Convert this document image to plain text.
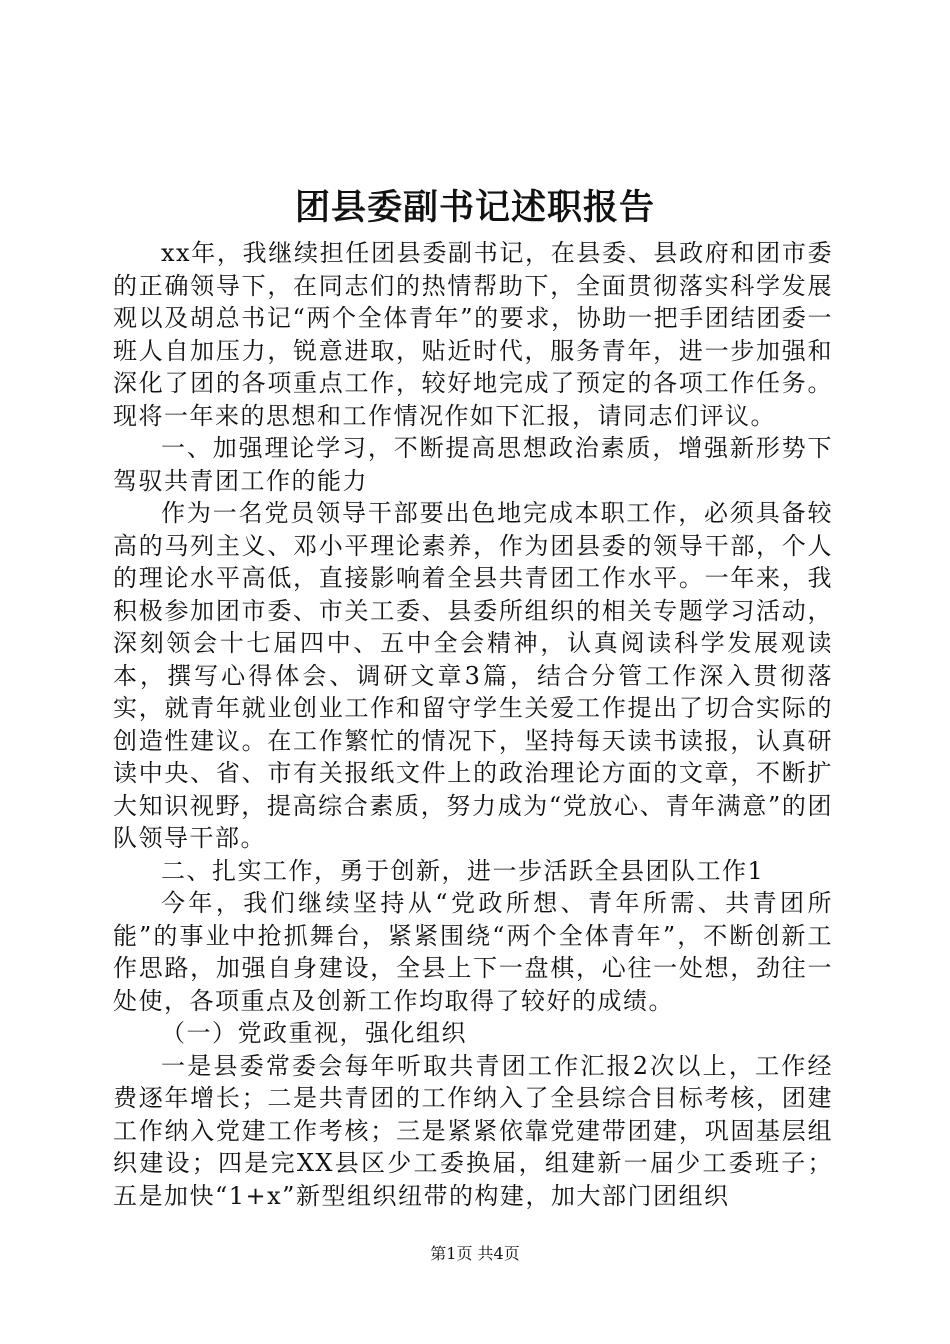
团县委副书记述职报告

xx年，我继续担任团县委副书记，在县委、县政府和团市委的正确领导下，在同志们的热情帮助下，全面贯彻落实科学发展观以及胡总书记“两个全体青年”的要求，协助一把手团结团委一班人自加压力，锐意进取，贴近时代，服务青年，进一步加强和深化了团的各项重点工作，较好地完成了预定的各项工作任务。现将一年来的思想和工作情况作如下汇报，请同志们评议。

一、加强理论学习，不断提高思想政治素质，增强新形势下驾驭共青团工作的能力

作为一名党员领导干部要出色地完成本职工作，必须具备较高的马列主义、邓小平理论素养，作为团县委的领导干部，个人的理论水平高低，直接影响着全县共青团工作水平。一年来，我积极参加团市委、市关工委、县委所组织的相关专题学习活动，深刻领会十七届四中、五中全会精神，认真阅读科学发展观读本，撰写心得体会、调研文章3篇，结合分管工作深入贯彻落实，就青年就业创业工作和留守学生关爱工作提出了切合实际的创造性建议。在工作繁忙的情况下，坚持每天读书读报，认真研读中央、省、市有关报纸文件上的政治理论方面的文章，不断扩大知识视野，提高综合素质，努力成为“党放心、青年满意”的团队领导干部。

二、扎实工作，勇于创新，进一步活跃全县团队工作1

今年，我们继续坚持从“党政所想、青年所需、共青团所能”的事业中抢抓舞台，紧紧围绕“两个全体青年”，不断创新工作思路，加强自身建设，全县上下一盘棋，心往一处想，劲往一处使，各项重点及创新工作均取得了较好的成绩。

（一）党政重视，强化组织

一是县委常委会每年听取共青团工作汇报2次以上，工作经费逐年增长；二是共青团的工作纳入了全县综合目标考核，团建工作纳入党建工作考核；三是紧紧依靠党建带团建，巩固基层组织建设；四是完XX县区少工委换届，组建新一届少工委班子；五是加快“1+x”新型组织纽带的构建，加大部门团组织

第1页 共4页
